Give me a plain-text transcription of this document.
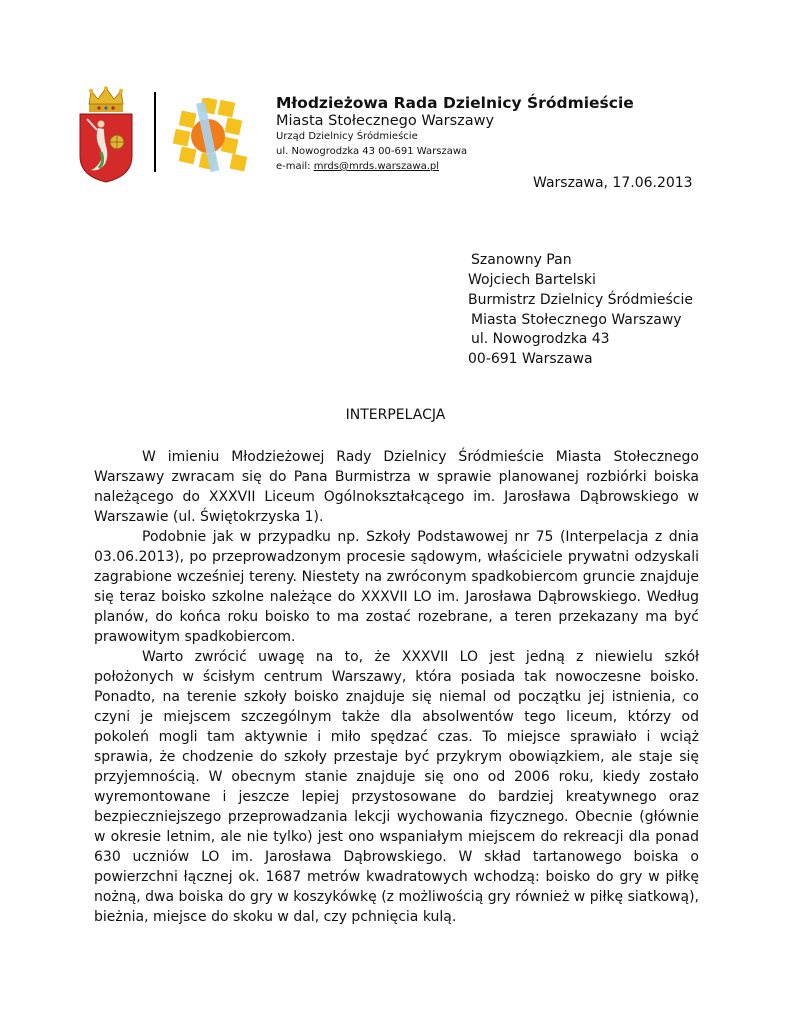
Młodzieżowa Rada Dzielnicy Śródmieście
Miasta Stołecznego Warszawy
Urząd Dzielnicy Śródmieście
ul. Nowogrodzka 43 00-691 Warszawa
e-mail: mrds@mrds.warszawa.pl
Warszawa, 17.06.2013
Szanowny Pan
Wojciech Bartelski
Burmistrz Dzielnicy Śródmieście
Miasta Stołecznego Warszawy
ul. Nowogrodzka 43
00-691 Warszawa
INTERPELACJA

W imieniu Młodzieżowej Rady Dzielnicy Śródmieście Miasta Stołecznego Warszawy zwracam się do Pana Burmistrza w sprawie planowanej rozbiórki boiska należącego do XXXVII Liceum Ogólnokształcącego im. Jarosława Dąbrowskiego w Warszawie (ul. Świętokrzyska 1).

Podobnie jak w przypadku np. Szkoły Podstawowej nr 75 (Interpelacja z dnia 03.06.2013), po przeprowadzonym procesie sądowym, właściciele prywatni odzyskali zagrabione wcześniej tereny. Niestety na zwróconym spadkobiercom gruncie znajduje się teraz boisko szkolne należące do XXXVII LO im. Jarosława Dąbrowskiego. Według planów, do końca roku boisko to ma zostać rozebrane, a teren przekazany ma być prawowitym spadkobiercom.

Warto zwrócić uwagę na to, że XXXVII LO jest jedną z niewielu szkół położonych w ścisłym centrum Warszawy, która posiada tak nowoczesne boisko. Ponadto, na terenie szkoły boisko znajduje się niemal od początku jej istnienia, co czyni je miejscem szczególnym także dla absolwentów tego liceum, którzy od pokoleń mogli tam aktywnie i miło spędzać czas. To miejsce sprawiało i wciąż sprawia, że chodzenie do szkoły przestaje być przykrym obowiązkiem, ale staje się przyjemnością. W obecnym stanie znajduje się ono od 2006 roku, kiedy zostało wyremontowane i jeszcze lepiej przystosowane do bardziej kreatywnego oraz bezpieczniejszego przeprowadzania lekcji wychowania fizycznego. Obecnie (głównie w okresie letnim, ale nie tylko) jest ono wspaniałym miejscem do rekreacji dla ponad 630 uczniów LO im. Jarosława Dąbrowskiego. W skład tartanowego boiska o powierzchni łącznej ok. 1687 metrów kwadratowych wchodzą: boisko do gry w piłkę nożną, dwa boiska do gry w koszykówkę (z możliwością gry również w piłkę siatkową), bieżnia, miejsce do skoku w dal, czy pchnięcia kulą.
